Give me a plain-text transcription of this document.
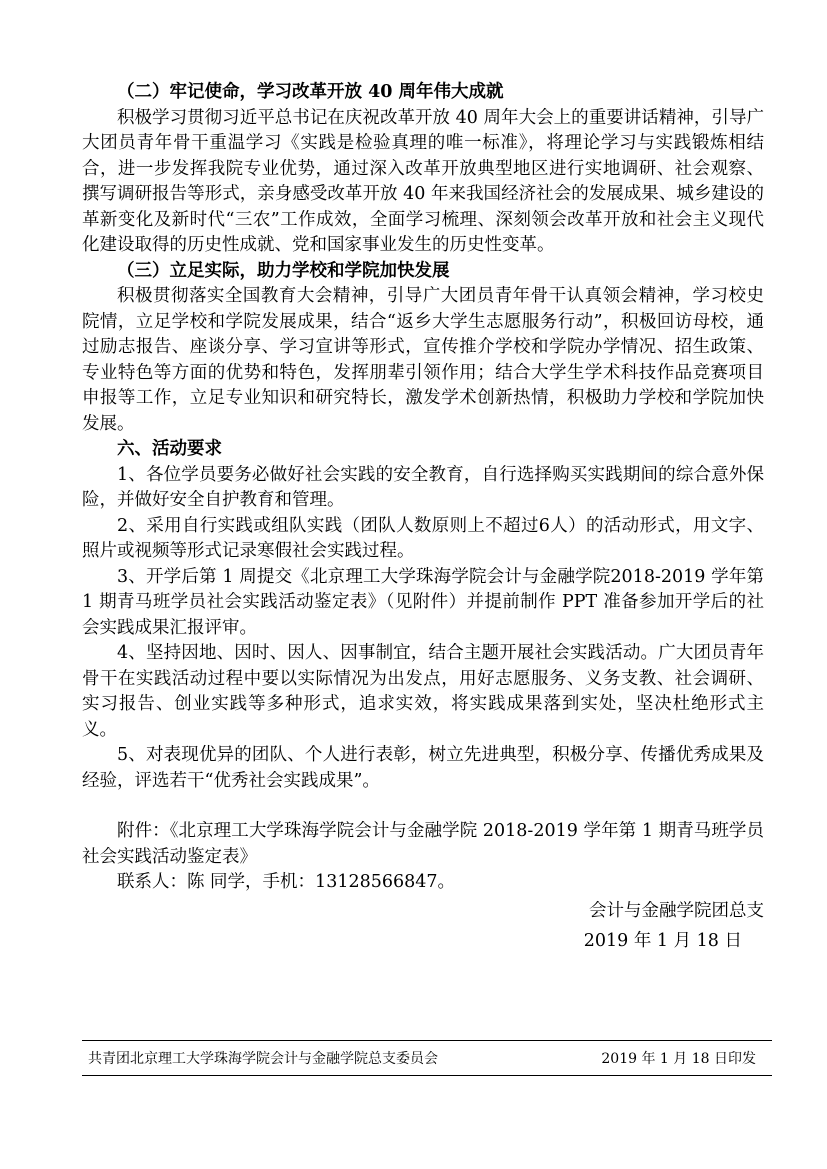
（二）牢记使命，学习改革开放 40 周年伟大成就

积极学习贯彻习近平总书记在庆祝改革开放 40 周年大会上的重要讲话精神，引导广大团员青年骨干重温学习《实践是检验真理的唯一标准》，将理论学习与实践锻炼相结合，进一步发挥我院专业优势，通过深入改革开放典型地区进行实地调研、社会观察、撰写调研报告等形式，亲身感受改革开放 40 年来我国经济社会的发展成果、城乡建设的革新变化及新时代“三农”工作成效，全面学习梳理、深刻领会改革开放和社会主义现代化建设取得的历史性成就、党和国家事业发生的历史性变革。

（三）立足实际，助力学校和学院加快发展

积极贯彻落实全国教育大会精神，引导广大团员青年骨干认真领会精神，学习校史院情，立足学校和学院发展成果，结合“返乡大学生志愿服务行动”，积极回访母校，通过励志报告、座谈分享、学习宣讲等形式，宣传推介学校和学院办学情况、招生政策、专业特色等方面的优势和特色，发挥朋辈引领作用；结合大学生学术科技作品竞赛项目申报等工作，立足专业知识和研究特长，激发学术创新热情，积极助力学校和学院加快发展。

六、活动要求

1、各位学员要务必做好社会实践的安全教育，自行选择购买实践期间的综合意外保险，并做好安全自护教育和管理。

2、采用自行实践或组队实践（团队人数原则上不超过6人）的活动形式，用文字、照片或视频等形式记录寒假社会实践过程。

3、开学后第 1 周提交《北京理工大学珠海学院会计与金融学院2018-2019 学年第 1 期青马班学员社会实践活动鉴定表》（见附件）并提前制作 PPT 准备参加开学后的社会实践成果汇报评审。

4、坚持因地、因时、因人、因事制宜，结合主题开展社会实践活动。广大团员青年骨干在实践活动过程中要以实际情况为出发点，用好志愿服务、义务支教、社会调研、实习报告、创业实践等多种形式，追求实效，将实践成果落到实处，坚决杜绝形式主义。

5、对表现优异的团队、个人进行表彰，树立先进典型，积极分享、传播优秀成果及经验，评选若干“优秀社会实践成果”。

附件：《北京理工大学珠海学院会计与金融学院 2018-2019 学年第 1 期青马班学员社会实践活动鉴定表》

联系人：陈 同学，手机：13128566847。

会计与金融学院团总支

2019 年 1 月 18 日

共青团北京理工大学珠海学院会计与金融学院总支委员会	2019 年 1 月 18 日印发
